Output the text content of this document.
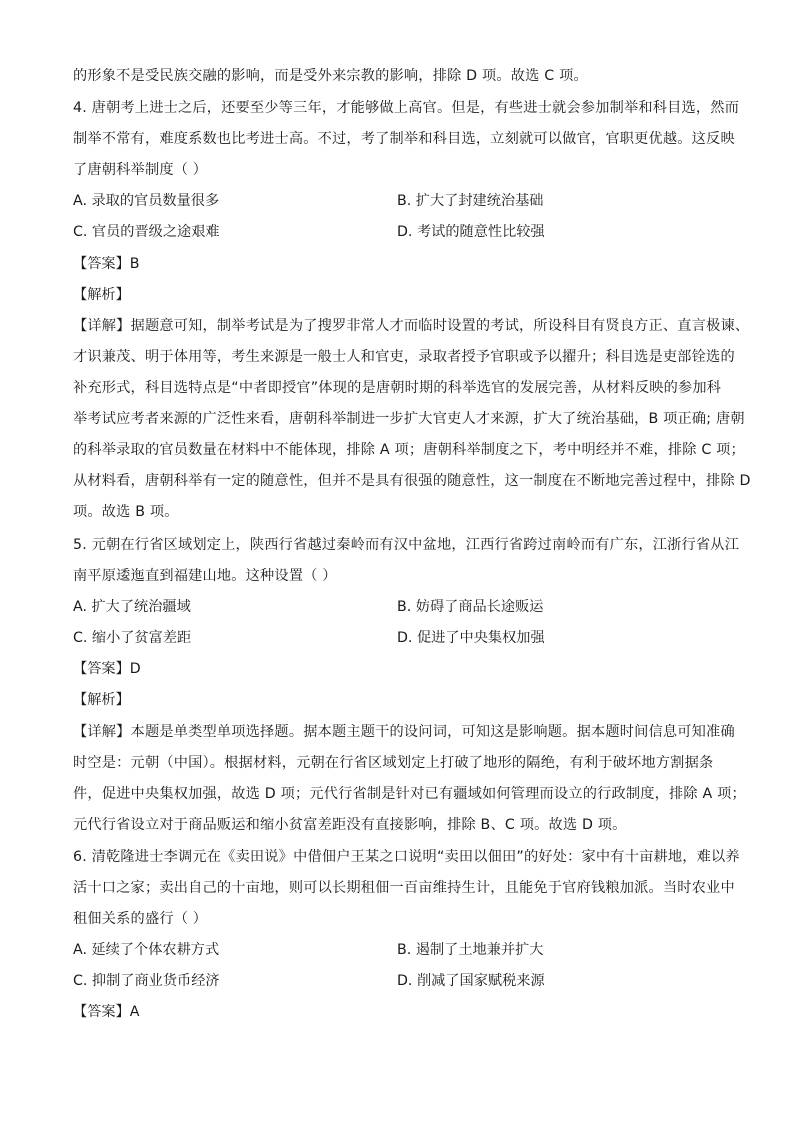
的形象不是受民族交融的影响，而是受外来宗教的影响，排除 D 项。故选 C 项。
4. 唐朝考上进士之后，还要至少等三年，才能够做上高官。但是，有些进士就会参加制举和科目选，然而
制举不常有，难度系数也比考进士高。不过，考了制举和科目选，立刻就可以做官，官职更优越。这反映
了唐朝科举制度（ ）
A. 录取的官员数量很多	B. 扩大了封建统治基础
C. 官员的晋级之途艰难	D. 考试的随意性比较强
【答案】B
【解析】
【详解】据题意可知，制举考试是为了搜罗非常人才而临时设置的考试，所设科目有贤良方正、直言极谏、
才识兼茂、明于体用等，考生来源是一般士人和官吏，录取者授予官职或予以擢升；科目选是吏部铨选的
补充形式，科目选特点是“中者即授官”体现的是唐朝时期的科举选官的发展完善，从材料反映的参加科
举考试应考者来源的广泛性来看，唐朝科举制进一步扩大官吏人才来源，扩大了统治基础，B 项正确; 唐朝
的科举录取的官员数量在材料中不能体现，排除 A 项；唐朝科举制度之下，考中明经并不难，排除 C 项；
从材料看，唐朝科举有一定的随意性，但并不是具有很强的随意性，这一制度在不断地完善过程中，排除 D
项。故选 B 项。
5. 元朝在行省区域划定上，陕西行省越过秦岭而有汉中盆地，江西行省跨过南岭而有广东，江浙行省从江
南平原逶迤直到福建山地。这种设置（ ）
A. 扩大了统治疆域	B. 妨碍了商品长途贩运
C. 缩小了贫富差距	D. 促进了中央集权加强
【答案】D
【解析】
【详解】本题是单类型单项选择题。据本题主题干的设问词，可知这是影响题。据本题时间信息可知准确
时空是：元朝（中国）。根据材料，元朝在行省区域划定上打破了地形的隔绝，有利于破坏地方割据条
件，促进中央集权加强，故选 D 项；元代行省制是针对已有疆域如何管理而设立的行政制度，排除 A 项；
元代行省设立对于商品贩运和缩小贫富差距没有直接影响，排除 B、C 项。故选 D 项。
6. 清乾隆进士李调元在《卖田说》中借佃户王某之口说明“卖田以佃田”的好处：家中有十亩耕地，难以养
活十口之家；卖出自己的十亩地，则可以长期租佃一百亩维持生计，且能免于官府钱粮加派。当时农业中
租佃关系的盛行（ ）
A. 延续了个体农耕方式	B. 遏制了土地兼并扩大
C. 抑制了商业货币经济	D. 削减了国家赋税来源
【答案】A
